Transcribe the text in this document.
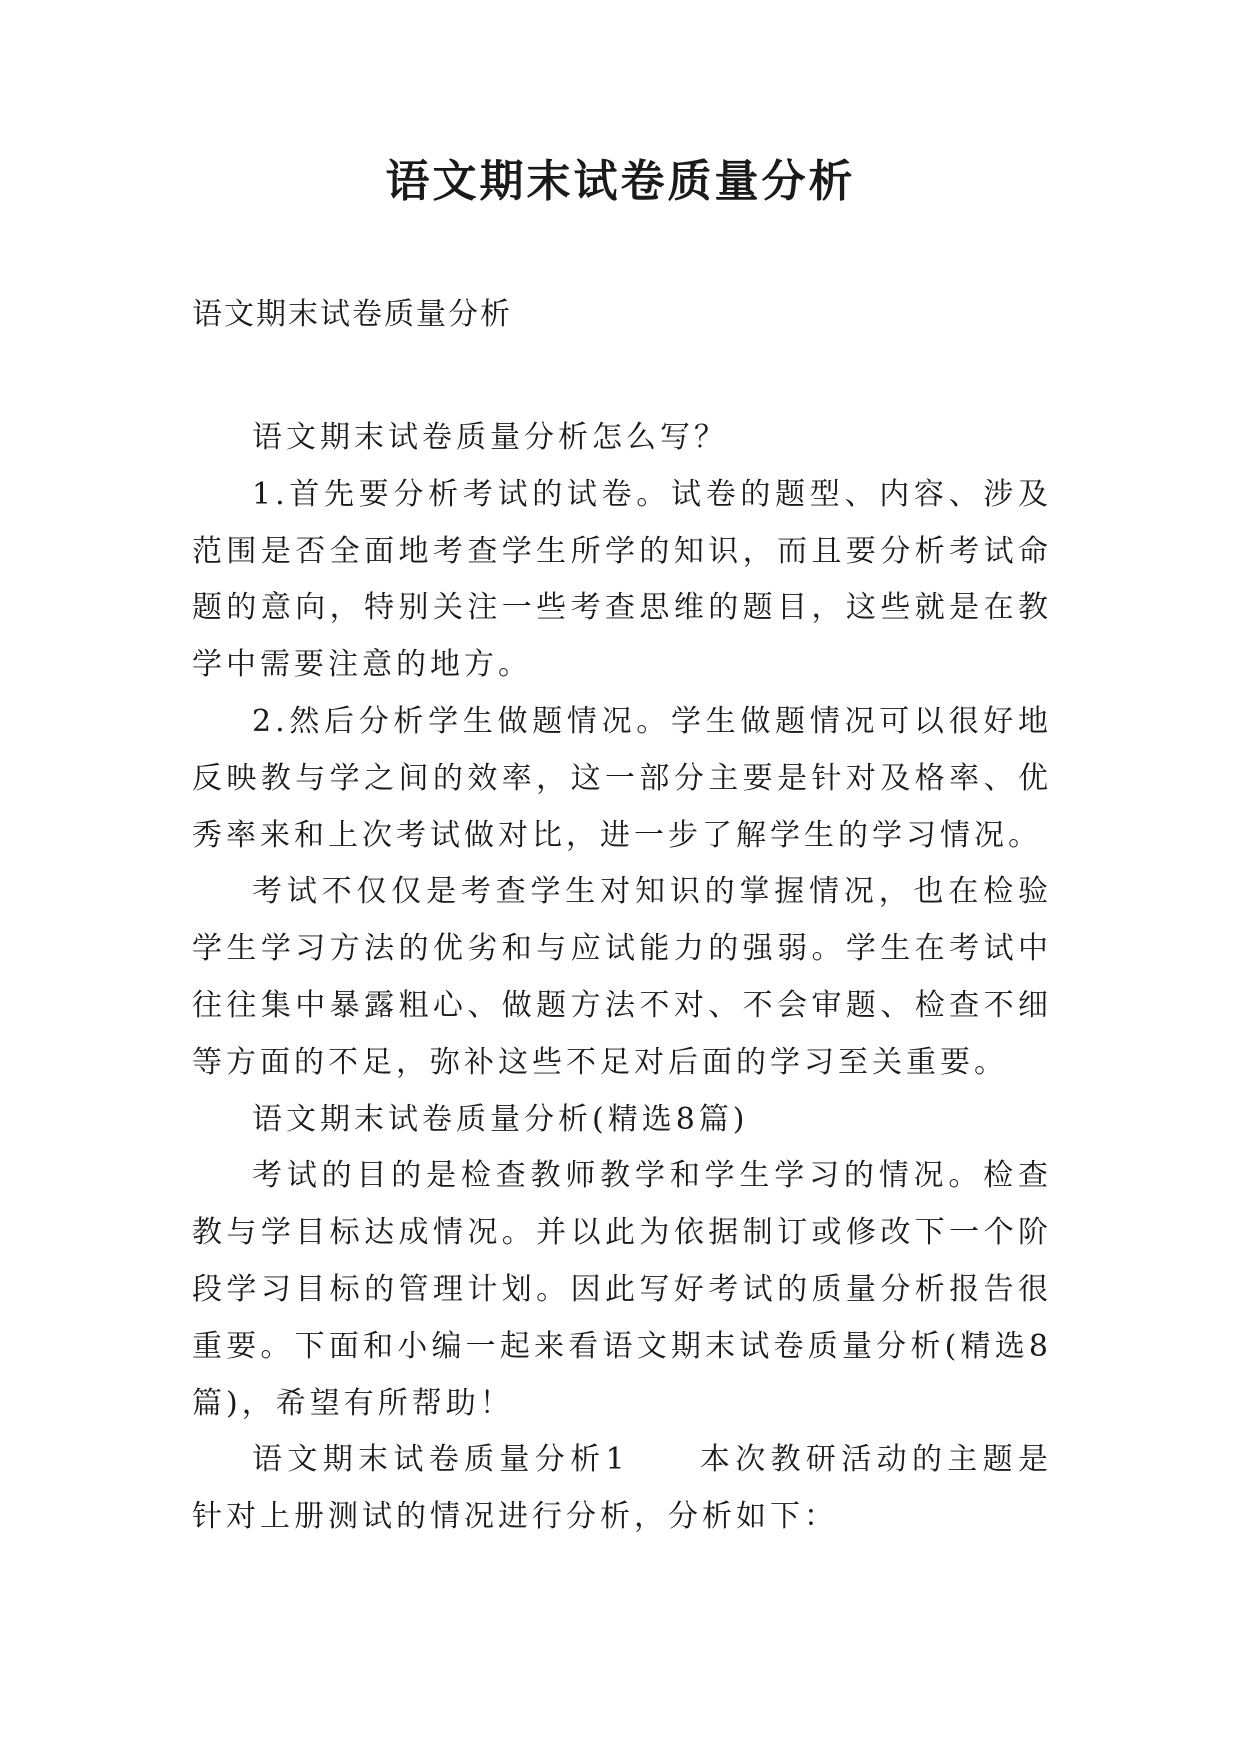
语文期末试卷质量分析

语文期末试卷质量分析

语文期末试卷质量分析怎么写？

1.首先要分析考试的试卷。试卷的题型、内容、涉及范围是否全面地考查学生所学的知识，而且要分析考试命题的意向，特别关注一些考查思维的题目，这些就是在教学中需要注意的地方。

2.然后分析学生做题情况。学生做题情况可以很好地反映教与学之间的效率，这一部分主要是针对及格率、优秀率来和上次考试做对比，进一步了解学生的学习情况。

考试不仅仅是考查学生对知识的掌握情况，也在检验学生学习方法的优劣和与应试能力的强弱。学生在考试中往往集中暴露粗心、做题方法不对、不会审题、检查不细等方面的不足，弥补这些不足对后面的学习至关重要。

语文期末试卷质量分析(精选8篇)

考试的目的是检查教师教学和学生学习的情况。检查教与学目标达成情况。并以此为依据制订或修改下一个阶段学习目标的管理计划。因此写好考试的质量分析报告很重要。下面和小编一起来看语文期末试卷质量分析(精选8篇)，希望有所帮助！

语文期末试卷质量分析1 本次教研活动的主题是针对上册测试的情况进行分析，分析如下：
